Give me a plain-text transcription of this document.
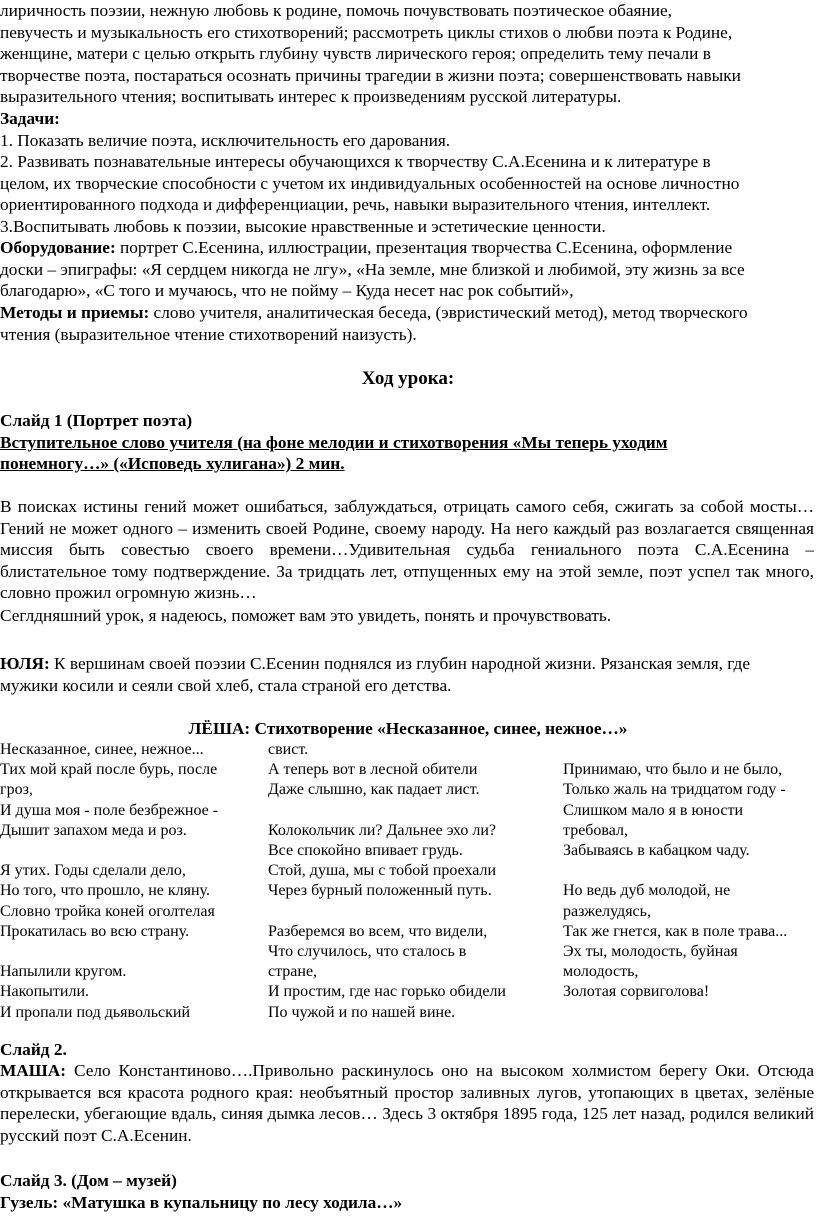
лиричность поэзии, нежную любовь к родине, помочь почувствовать поэтическое обаяние,
певучесть и музыкальность его стихотворений; рассмотреть циклы стихов о любви поэта к Родине,
женщине, матери с целью открыть глубину чувств лирического героя; определить тему печали в
творчестве поэта, постараться осознать причины трагедии в жизни поэта; совершенствовать навыки
выразительного чтения; воспитывать интерес к произведениям русской литературы.
Задачи:
1. Показать величие поэта, исключительность его дарования.
2. Развивать познавательные интересы обучающихся к творчеству С.А.Есенина и к литературе в
целом, их творческие способности с учетом их индивидуальных особенностей на основе личностно
ориентированного подхода и дифференциации, речь, навыки выразительного чтения, интеллект.
3.Воспитывать любовь к поэзии, высокие нравственные и эстетические ценности.
Оборудование: портрет С.Есенина, иллюстрации, презентация творчества С.Есенина, оформление
доски – эпиграфы: «Я сердцем никогда не лгу», «На земле, мне близкой и любимой, эту жизнь за все
благодарю», «С того и мучаюсь, что не пойму – Куда несет нас рок событий»,
Методы и приемы: слово учителя, аналитическая беседа, (эвристический метод), метод творческого
чтения (выразительное чтение стихотворений наизусть).
Ход урока:
Слайд 1 (Портрет поэта)
Вступительное слово учителя (на фоне мелодии и стихотворения «Мы теперь уходим
понемногу…» («Исповедь хулигана») 2 мин.
В поисках истины гений может ошибаться, заблуждаться, отрицать самого себя, сжигать за собой мосты…Гений не может одного – изменить своей Родине, своему народу. На него каждый раз возлагается священная миссия быть совестью своего времени…Удивительная судьба гениального поэта С.А.Есенина – блистательное тому подтверждение. За тридцать лет, отпущенных ему на этой земле, поэт успел так много, словно прожил огромную жизнь…
Сеглдняшний урок, я надеюсь, поможет вам это увидеть, понять и прочувствовать.
ЮЛЯ: К вершинам своей поэзии С.Есенин поднялся из глубин народной жизни. Рязанская земля, где
мужики косили и сеяли свой хлеб, стала страной его детства.
ЛЁША: Стихотворение «Несказанное, синее, нежное…»
Несказанное, синее, нежное...
Тих мой край после бурь, после
гроз,
И душа моя - поле безбрежное -
Дышит запахом меда и роз.

Я утих. Годы сделали дело,
Но того, что прошло, не кляну.
Словно тройка коней оголтелая
Прокатилась во всю страну.

Напылили кругом.
Накопытили.
И пропали под дьявольский
свист.
А теперь вот в лесной обители
Даже слышно, как падает лист.

Колокольчик ли? Дальнее эхо ли?
Все спокойно впивает грудь.
Стой, душа, мы с тобой проехали
Через бурный положенный путь.

Разберемся во всем, что видели,
Что случилось, что сталось в
стране,
И простим, где нас горько обидели
По чужой и по нашей вине.

Принимаю, что было и не было,
Только жаль на тридцатом году -
Слишком мало я в юности
требовал,
Забываясь в кабацком чаду.

Но ведь дуб молодой, не
разжелудясь,
Так же гнется, как в поле трава...
Эх ты, молодость, буйная
молодость,
Золотая сорвиголова!
Слайд 2.
МАША: Село Константиново….Привольно раскинулось оно на высоком холмистом берегу Оки. Отсюда открывается вся красота родного края: необъятный простор заливных лугов, утопающих в цветах, зелёные перелески, убегающие вдаль, синяя дымка лесов… Здесь 3 октября 1895 года, 125 лет назад, родился великий русский поэт С.А.Есенин.
Слайд 3. (Дом – музей)
Гузель: «Матушка в купальницу по лесу ходила…»
